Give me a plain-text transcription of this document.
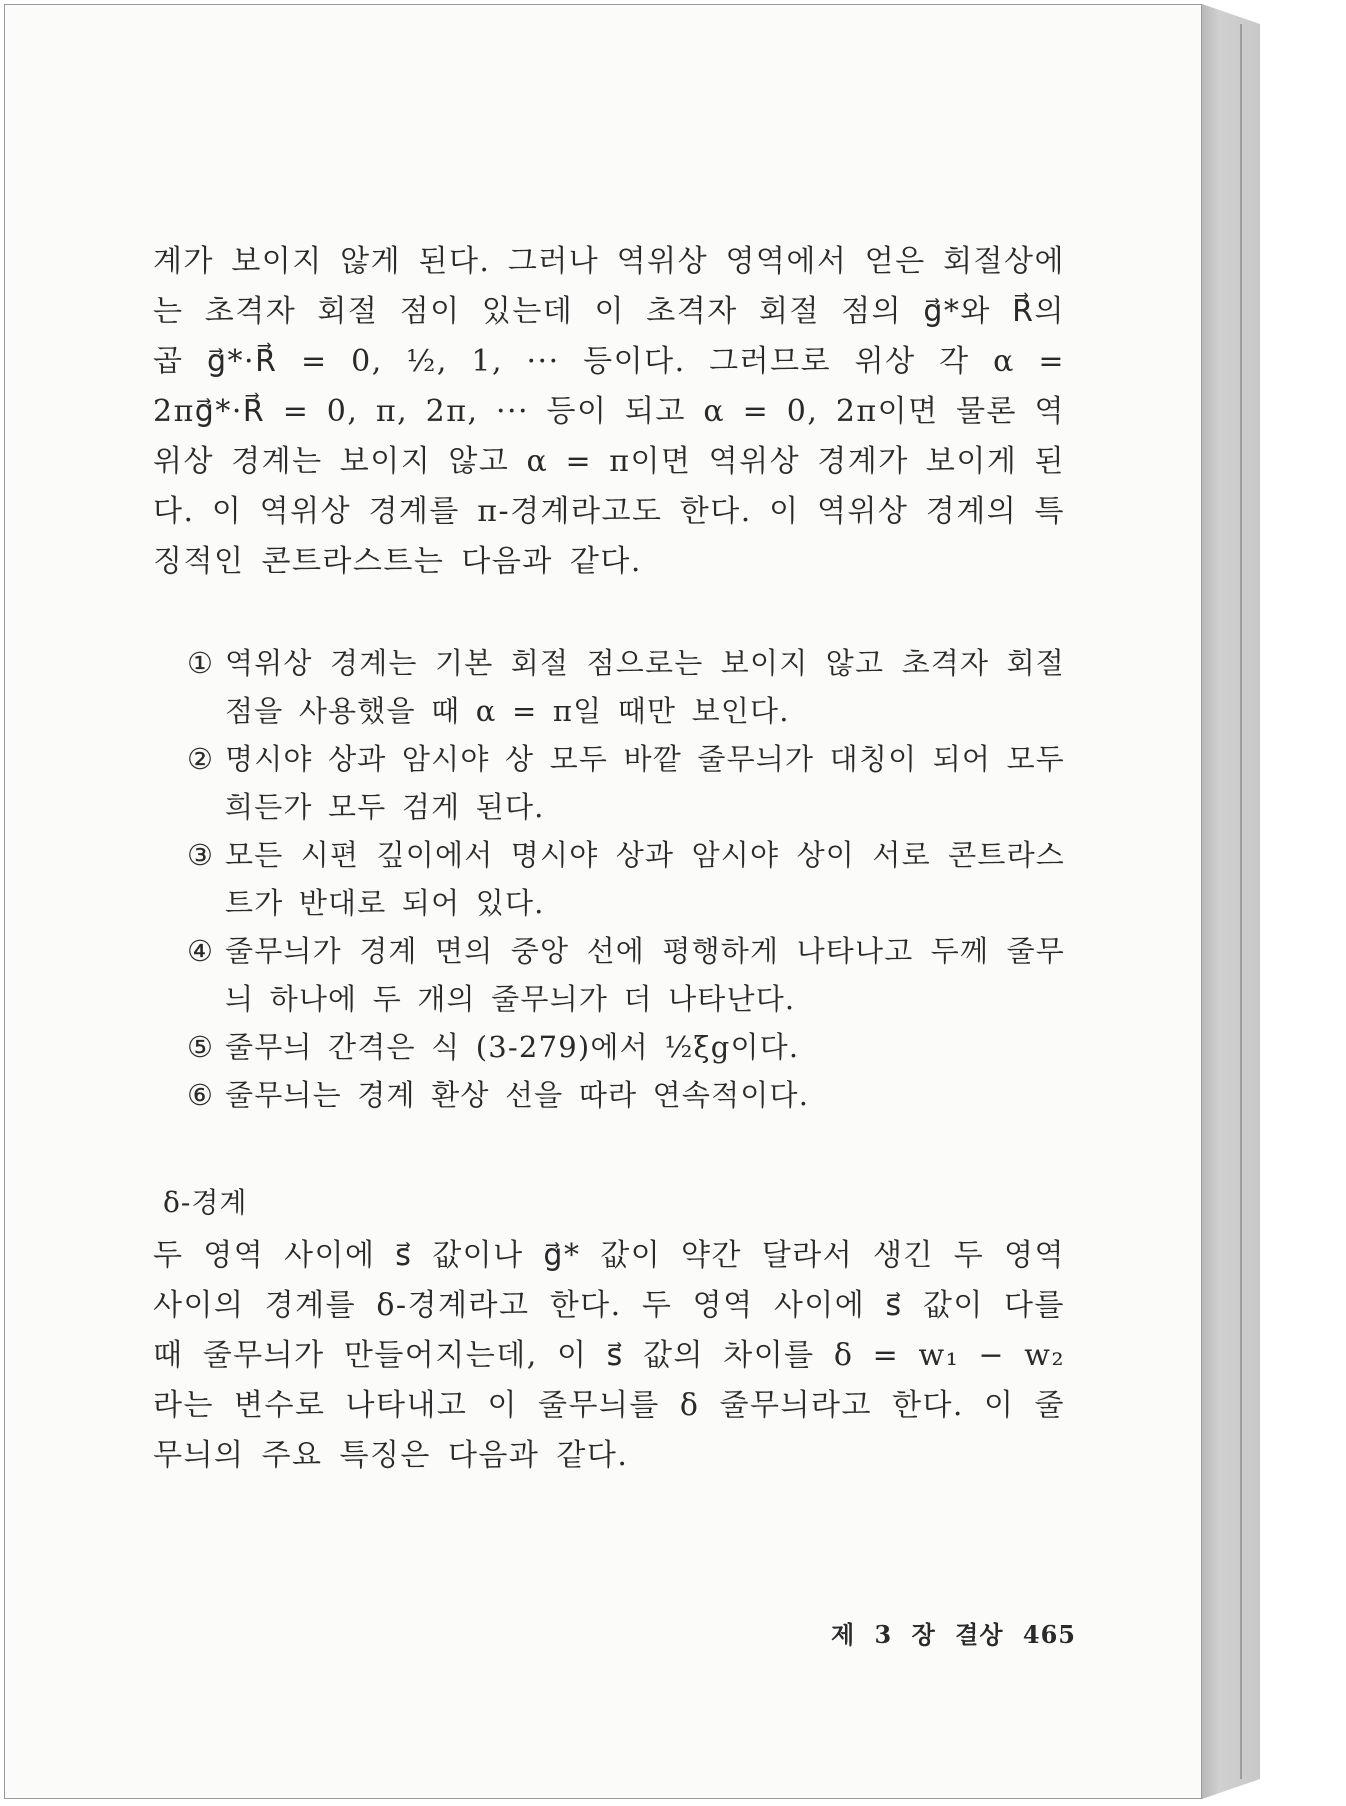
계가 보이지 않게 된다. 그러나 역위상 영역에서 얻은 회절상에는 초격자 회절 점이 있는데 이 초격자 회절 점의 g⃗*와 R⃗의 곱 g⃗*·R⃗ = 0, ½, 1, ··· 등이다. 그러므로 위상 각 α = 2πg⃗*·R⃗ = 0, π, 2π, ··· 등이 되고 α = 0, 2π이면 물론 역위상 경계는 보이지 않고 α = π이면 역위상 경계가 보이게 된다. 이 역위상 경계를 π-경계라고도 한다. 이 역위상 경계의 특징적인 콘트라스트는 다음과 같다.

① 역위상 경계는 기본 회절 점으로는 보이지 않고 초격자 회절 점을 사용했을 때 α = π일 때만 보인다.
② 명시야 상과 암시야 상 모두 바깥 줄무늬가 대칭이 되어 모두 희든가 모두 검게 된다.
③ 모든 시편 깊이에서 명시야 상과 암시야 상이 서로 콘트라스트가 반대로 되어 있다.
④ 줄무늬가 경계 면의 중앙 선에 평행하게 나타나고 두께 줄무늬 하나에 두 개의 줄무늬가 더 나타난다.
⑤ 줄무늬 간격은 식 (3-279)에서 ½ξg이다.
⑥ 줄무늬는 경계 환상 선을 따라 연속적이다.

δ-경계

두 영역 사이에 s⃗ 값이나 g⃗* 값이 약간 달라서 생긴 두 영역 사이의 경계를 δ-경계라고 한다. 두 영역 사이에 s⃗ 값이 다를 때 줄무늬가 만들어지는데, 이 s⃗ 값의 차이를 δ = w₁ − w₂라는 변수로 나타내고 이 줄무늬를 δ 줄무늬라고 한다. 이 줄무늬의 주요 특징은 다음과 같다.

제 3 장 결상 465
